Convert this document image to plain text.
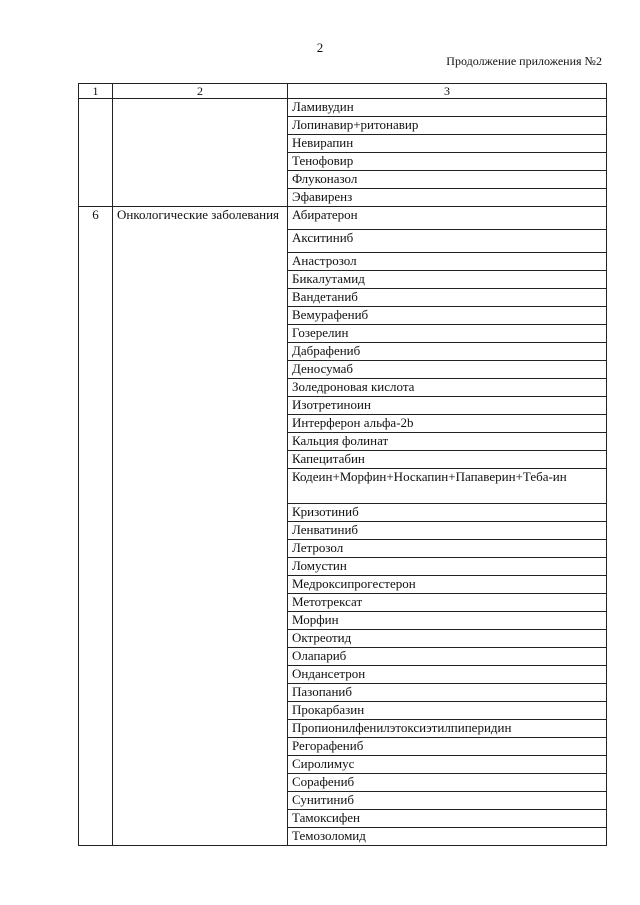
2
Продолжение приложения №2
1	2	3
		Ламивудин
		Лопинавир+ритонавир
		Невирапин
		Тенофовир
		Флуконазол
		Эфавиренз
6	Онкологические заболевания	Абиратерон
		Акситиниб
		Анастрозол
		Бикалутамид
		Вандетаниб
		Вемурафениб
		Гозерелин
		Дабрафениб
		Деносумаб
		Золедроновая кислота
		Изотретиноин
		Интерферон альфа-2b
		Кальция фолинат
		Капецитабин
		Кодеин+Морфин+Носкапин+Папаверин+Теба-ин
		Кризотиниб
		Ленватиниб
		Летрозол
		Ломустин
		Медроксипрогестерон
		Метотрексат
		Морфин
		Октреотид
		Олапариб
		Ондансетрон
		Пазопаниб
		Прокарбазин
		Пропионилфенилэтоксиэтилпиперидин
		Регорафениб
		Сиролимус
		Сорафениб
		Сунитиниб
		Тамоксифен
		Темозоломид
